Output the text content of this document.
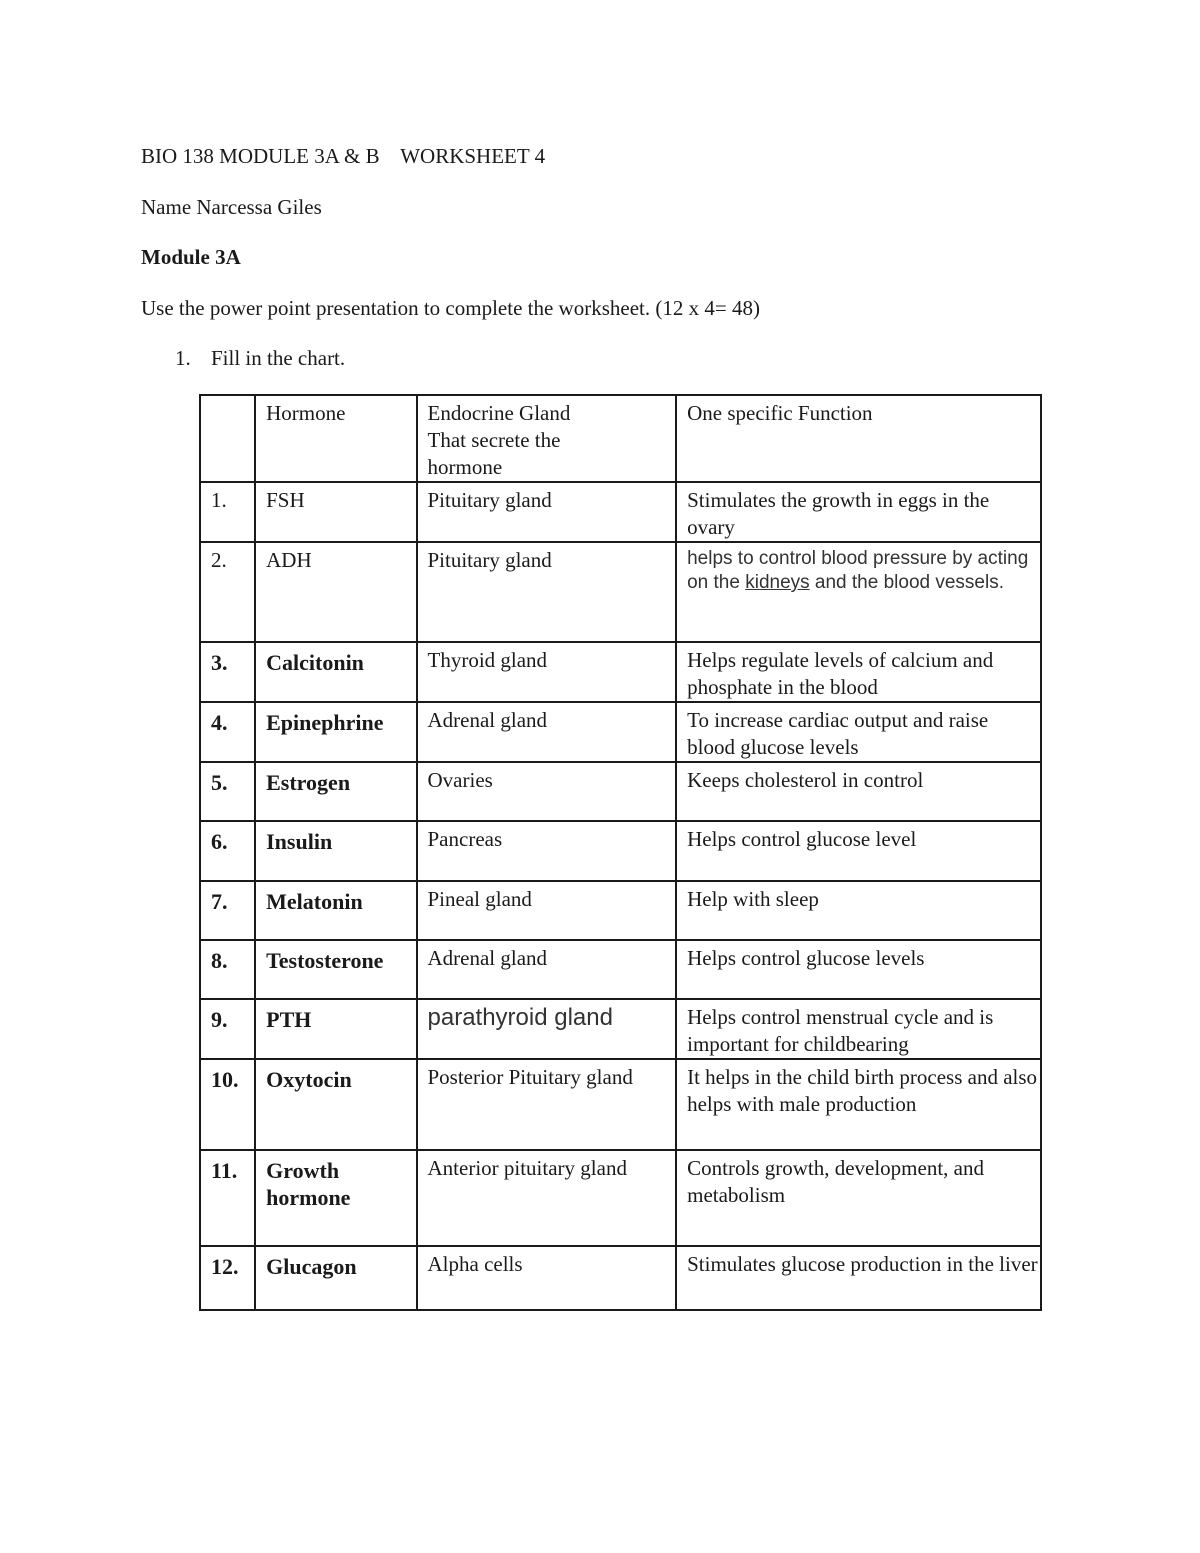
BIO 138 MODULE 3A & B    WORKSHEET 4
Name Narcessa Giles
Module 3A
Use the power point presentation to complete the worksheet. (12 x 4= 48)
1. Fill in the chart.
	Hormone	Endocrine Gland
That secrete the
hormone	One specific Function
1.	FSH	Pituitary gland	Stimulates the growth in eggs in the ovary
2.	ADH	Pituitary gland	helps to control blood pressure by acting on the kidneys and the blood vessels.
3.	Calcitonin	Thyroid gland	Helps regulate levels of calcium and phosphate in the blood
4.	Epinephrine	Adrenal gland	To increase cardiac output and raise blood glucose levels
5.	Estrogen	Ovaries	Keeps cholesterol in control
6.	Insulin	Pancreas	Helps control glucose level
7.	Melatonin	Pineal gland	Help with sleep
8.	Testosterone	Adrenal gland	Helps control glucose levels
9.	PTH	parathyroid gland	Helps control menstrual cycle and is important for childbearing
10.	Oxytocin	Posterior Pituitary gland	It helps in the child birth process and also helps with male production
11.	Growth hormone	Anterior pituitary gland	Controls growth, development, and metabolism
12.	Glucagon	Alpha cells	Stimulates glucose production in the liver
